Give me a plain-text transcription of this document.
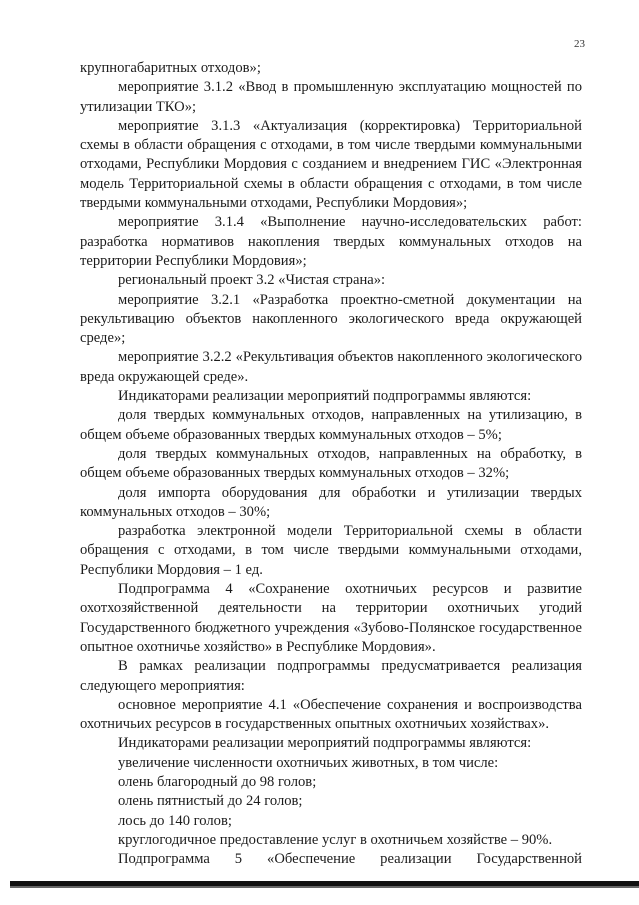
23

крупногабаритных отходов»;

мероприятие 3.1.2 «Ввод в промышленную эксплуатацию мощностей по утилизации ТКО»;

мероприятие 3.1.3 «Актуализация (корректировка) Территориальной схемы в области обращения с отходами, в том числе твердыми коммунальными отходами, Республики Мордовия с созданием и внедрением ГИС «Электронная модель Территориальной схемы в области обращения с отходами, в том числе твердыми коммунальными отходами, Республики Мордовия»;

мероприятие 3.1.4 «Выполнение научно-исследовательских работ: разработка нормативов накопления твердых коммунальных отходов на территории Республики Мордовия»;

региональный проект 3.2 «Чистая страна»:

мероприятие 3.2.1 «Разработка проектно-сметной документации на рекультивацию объектов накопленного экологического вреда окружающей среде»;

мероприятие 3.2.2 «Рекультивация объектов накопленного экологического вреда окружающей среде».

Индикаторами реализации мероприятий подпрограммы являются:

доля твердых коммунальных отходов, направленных на утилизацию, в общем объеме образованных твердых коммунальных отходов – 5%;

доля твердых коммунальных отходов, направленных на обработку, в общем объеме образованных твердых коммунальных отходов – 32%;

доля импорта оборудования для обработки и утилизации твердых коммунальных отходов – 30%;

разработка электронной модели Территориальной схемы в области обращения с отходами, в том числе твердыми коммунальными отходами, Республики Мордовия – 1 ед.

Подпрограмма 4 «Сохранение охотничьих ресурсов и развитие охотхозяйственной деятельности на территории охотничьих угодий Государственного бюджетного учреждения «Зубово-Полянское государственное опытное охотничье хозяйство» в Республике Мордовия».

В рамках реализации подпрограммы предусматривается реализация следующего мероприятия:

основное мероприятие 4.1 «Обеспечение сохранения и воспроизводства охотничьих ресурсов в государственных опытных охотничьих хозяйствах».

Индикаторами реализации мероприятий подпрограммы являются:

увеличение численности охотничьих животных, в том числе:

олень благородный до 98 голов;

олень пятнистый до 24 голов;

лось до 140 голов;

круглогодичное предоставление услуг в охотничьем хозяйстве – 90%.

Подпрограмма 5 «Обеспечение реализации Государственной
